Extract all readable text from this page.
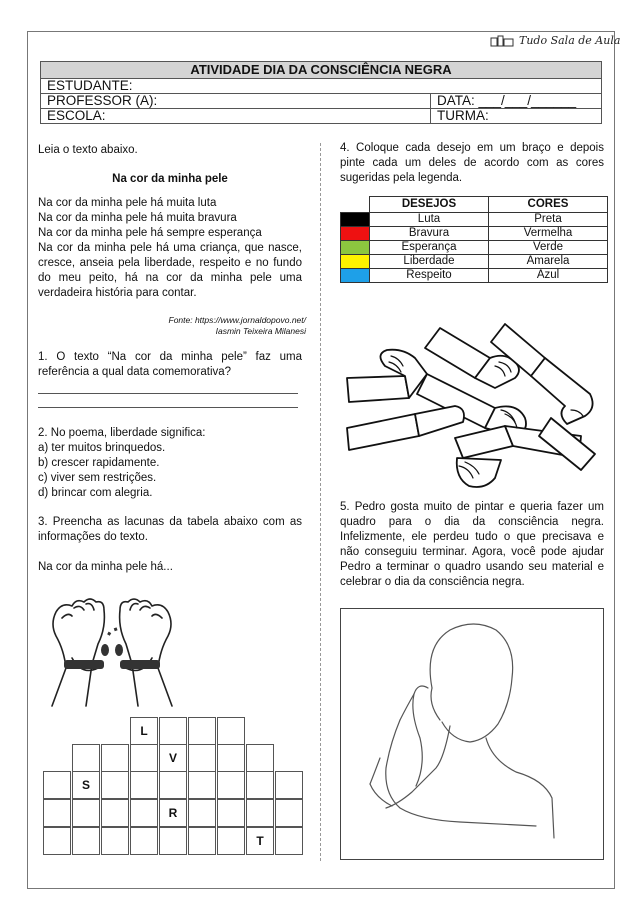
Tudo Sala de Aula
ATIVIDADE DIA DA CONSCIÊNCIA NEGRA	
ESTUDANTE:	
PROFESSOR (A):	DATA: ___/___/______
ESCOLA:	TURMA:
Leia o texto abaixo.
Na cor da minha pele
Na cor da minha pele há muita luta
Na cor da minha pele há muita bravura
Na cor da minha pele há sempre esperança
Na cor da minha pele há uma criança, que nasce, cresce, anseia pela liberdade, respeito e no fundo do meu peito, há na cor da minha pele uma verdadeira história para contar.
Fonte: https://www.jornaldopovo.net/
Iasmin Teixeira Milanesi
1. O texto “Na cor da minha pele” faz uma referência a qual data comemorativa?
2. No poema, liberdade significa:
a) ter muitos brinquedos.
b) crescer rapidamente.
c) viver sem restrições.
d) brincar com alegria.
3. Preencha as lacunas da tabela abaixo com as informações do texto.
Na cor da minha pele há...
L
V
S
R
T
4. Coloque cada desejo em um braço e depois pinte cada um deles de acordo com as cores sugeridas pela legenda.
	DESEJOS	CORES
	Luta	Preta
	Bravura	Vermelha
	Esperança	Verde
	Liberdade	Amarela
	Respeito	Azul
5. Pedro gosta muito de pintar e queria fazer um quadro para o dia da consciência negra. Infelizmente, ele perdeu tudo o que precisava e não conseguiu terminar. Agora, você pode ajudar Pedro a terminar o quadro usando seu material e celebrar o dia da consciência negra.
